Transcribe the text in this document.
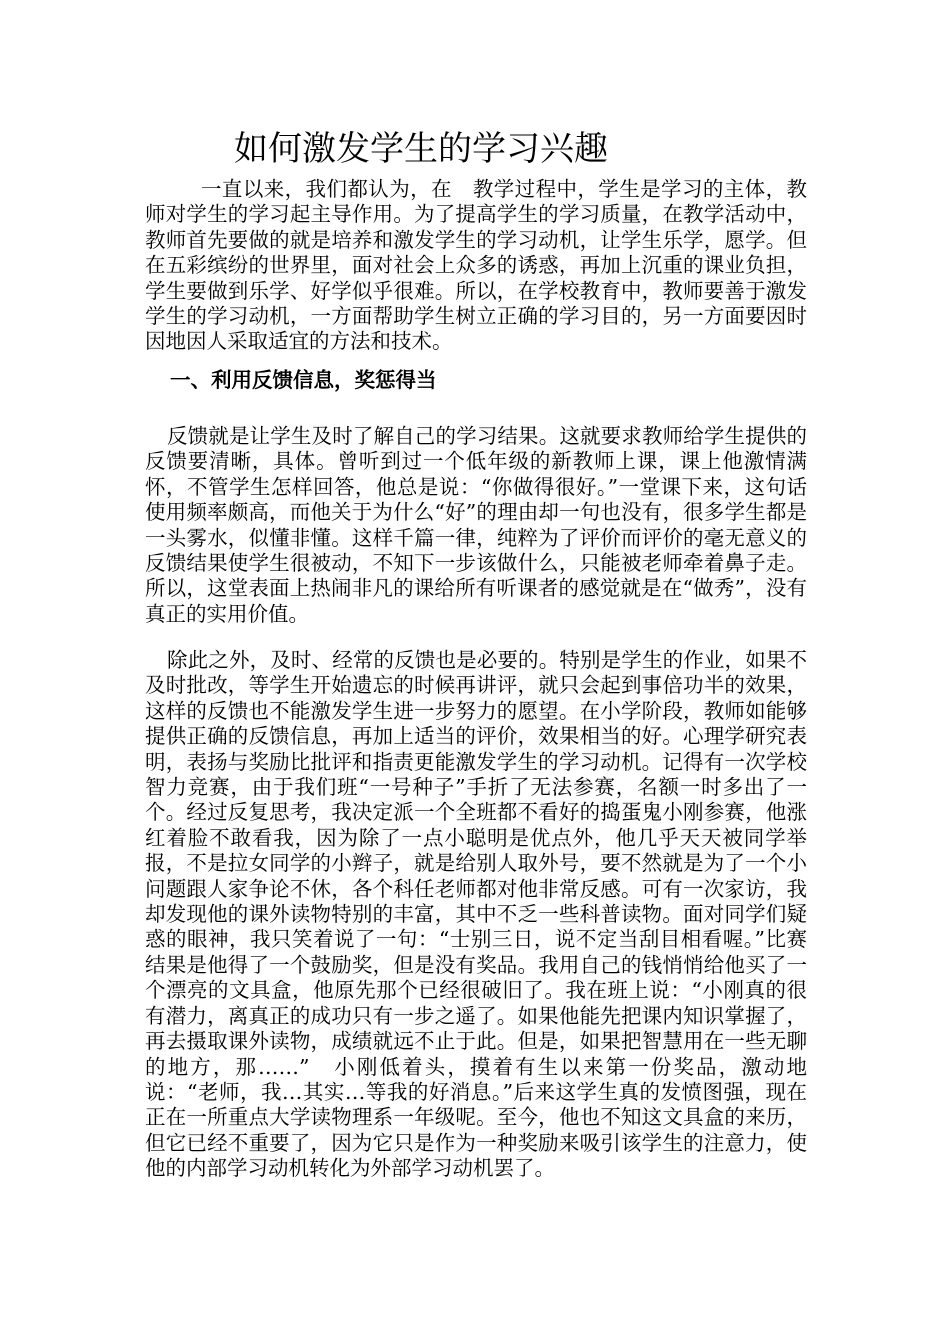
如何激发学生的学习兴趣

一直以来，我们都认为，在　教学过程中，学生是学习的主体，教师对学生的学习起主导作用。为了提高学生的学习质量，在教学活动中，教师首先要做的就是培养和激发学生的学习动机，让学生乐学，愿学。但在五彩缤纷的世界里，面对社会上众多的诱惑，再加上沉重的课业负担，学生要做到乐学、好学似乎很难。所以，在学校教育中，教师要善于激发学生的学习动机，一方面帮助学生树立正确的学习目的，另一方面要因时因地因人采取适宜的方法和技术。

一、利用反馈信息，奖惩得当

反馈就是让学生及时了解自己的学习结果。这就要求教师给学生提供的反馈要清晰，具体。曾听到过一个低年级的新教师上课，课上他激情满怀，不管学生怎样回答，他总是说：“你做得很好。”一堂课下来，这句话使用频率颇高，而他关于为什么“好”的理由却一句也没有，很多学生都是一头雾水，似懂非懂。这样千篇一律，纯粹为了评价而评价的毫无意义的反馈结果使学生很被动，不知下一步该做什么，只能被老师牵着鼻子走。所以，这堂表面上热闹非凡的课给所有听课者的感觉就是在“做秀”，没有真正的实用价值。

除此之外，及时、经常的反馈也是必要的。特别是学生的作业，如果不及时批改，等学生开始遗忘的时候再讲评，就只会起到事倍功半的效果，这样的反馈也不能激发学生进一步努力的愿望。在小学阶段，教师如能够提供正确的反馈信息，再加上适当的评价，效果相当的好。心理学研究表明，表扬与奖励比批评和指责更能激发学生的学习动机。记得有一次学校智力竞赛，由于我们班“一号种子”手折了无法参赛，名额一时多出了一个。经过反复思考，我决定派一个全班都不看好的捣蛋鬼小刚参赛，他涨红着脸不敢看我，因为除了一点小聪明是优点外，他几乎天天被同学举报，不是拉女同学的小辫子，就是给别人取外号，要不然就是为了一个小问题跟人家争论不休，各个科任老师都对他非常反感。可有一次家访，我却发现他的课外读物特别的丰富，其中不乏一些科普读物。面对同学们疑惑的眼神，我只笑着说了一句：“士别三日，说不定当刮目相看喔。”比赛结果是他得了一个鼓励奖，但是没有奖品。我用自己的钱悄悄给他买了一个漂亮的文具盒，他原先那个已经很破旧了。我在班上说：“小刚真的很有潜力，离真正的成功只有一步之遥了。如果他能先把课内知识掌握了，再去摄取课外读物，成绩就远不止于此。但是，如果把智慧用在一些无聊的地方，那……”　小刚低着头，摸着有生以来第一份奖品，激动地说：“老师，我…其实…等我的好消息。”后来这学生真的发愤图强，现在正在一所重点大学读物理系一年级呢。至今，他也不知这文具盒的来历，但它已经不重要了，因为它只是作为一种奖励来吸引该学生的注意力，使他的内部学习动机转化为外部学习动机罢了。
